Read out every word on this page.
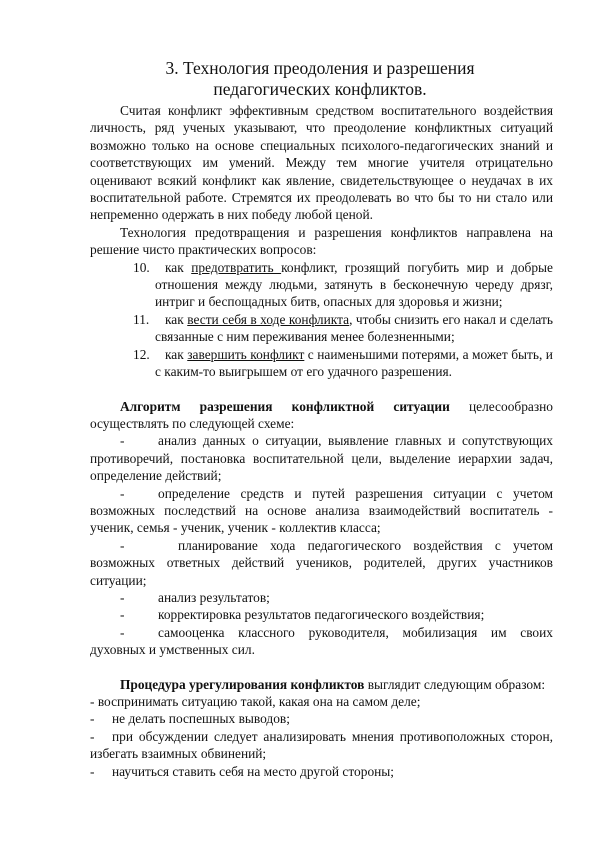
3. Технология преодоления и разрешения
педагогических конфликтов.

Считая конфликт эффективным средством воспитательного воздействия личность, ряд ученых указывают, что преодоление конфликтных ситуаций возможно только на основе специальных психолого-педагогических знаний и соответствующих им умений. Между тем многие учителя отрицательно оценивают всякий конфликт как явление, свидетельствующее о неудачах в их воспитательной работе. Стремятся их преодолевать во что бы то ни стало или непременно одержать в них победу любой ценой.

Технология предотвращения и разрешения конфликтов направлена на решение чисто практических вопросов:

10. как предотвратить конфликт, грозящий погубить мир и добрые отношения между людьми, затянуть в бесконечную череду дрязг, интриг и беспощадных битв, опасных для здоровья и жизни;

11. как вести себя в ходе конфликта, чтобы снизить его накал и сделать связанные с ним переживания менее болезненными;

12. как завершить конфликт с наименьшими потерями, а может быть, и с каким-то выигрышем от его удачного разрешения.

Алгоритм разрешения конфликтной ситуации целесообразно осуществлять по следующей схеме:

-	анализ данных о ситуации, выявление главных и сопутствующих противоречий, постановка воспитательной цели, выделение иерархии задач, определение действий;

-	определение средств и путей разрешения ситуации с учетом возможных последствий на основе анализа взаимодействий воспитатель - ученик, семья - ученик, ученик - коллектив класса;

-	планирование хода педагогического воздействия с учетом возможных ответных действий учеников, родителей, других участников ситуации;

-	анализ результатов;

-	корректировка результатов педагогического воздействия;

-	самооценка классного руководителя, мобилизация им своих духовных и умственных сил.

Процедура урегулирования конфликтов выглядит следующим образом:

- воспринимать ситуацию такой, какая она на самом деле;

- не делать поспешных выводов;

- при обсуждении следует анализировать мнения противоположных сторон, избегать взаимных обвинений;

- научиться ставить себя на место другой стороны;
